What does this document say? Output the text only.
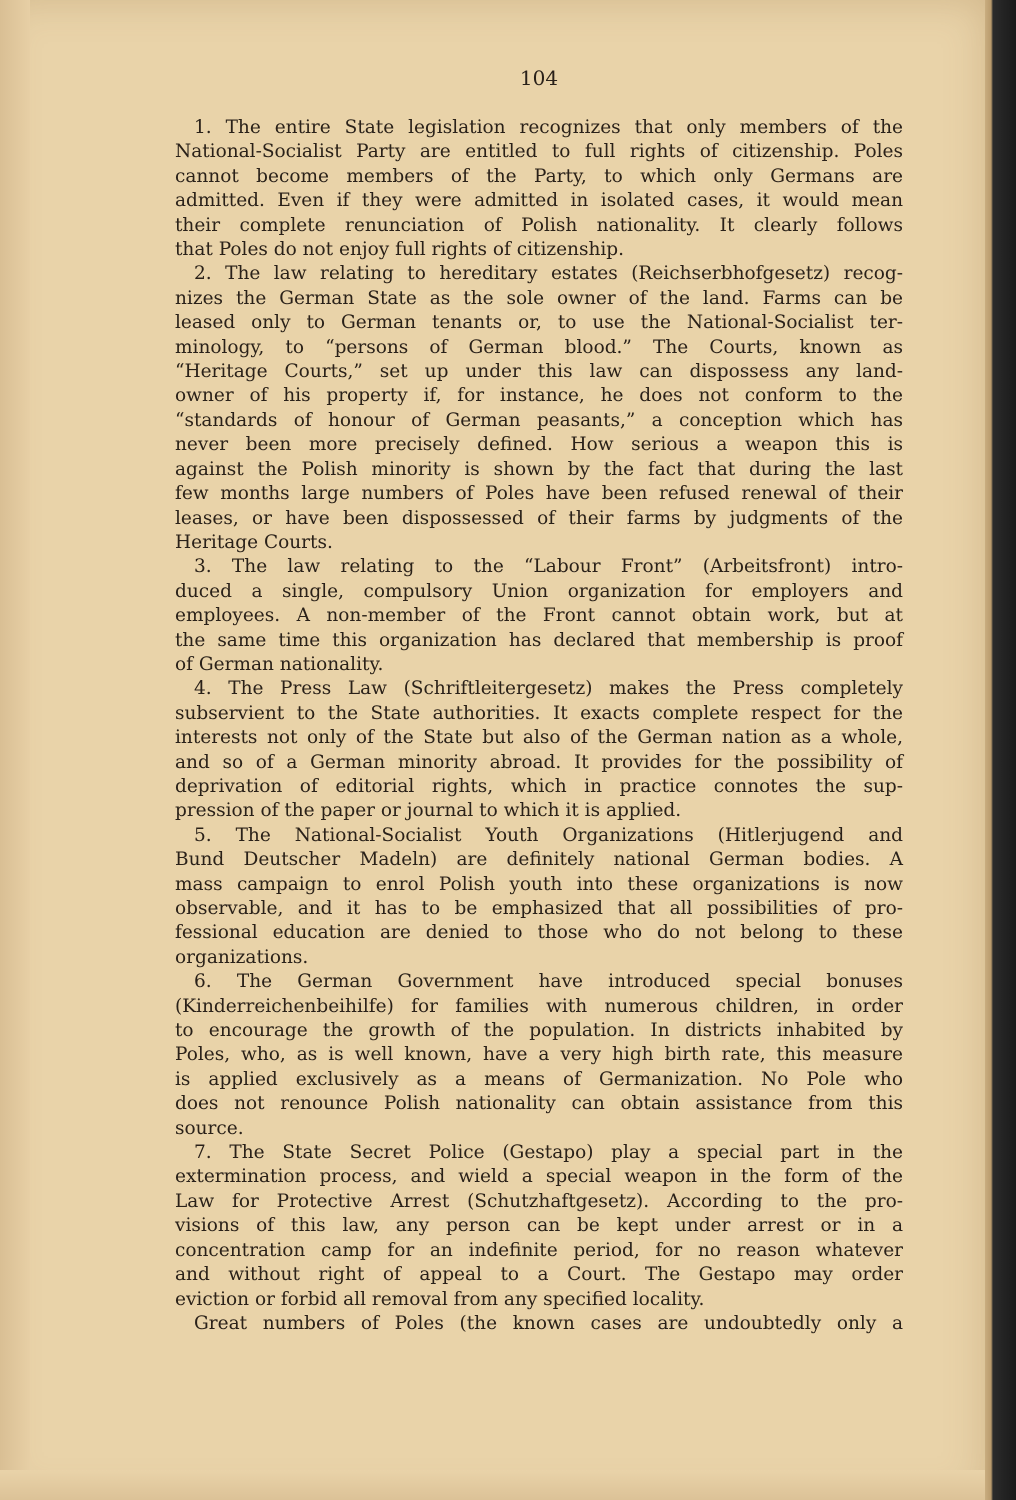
104

1. The entire State legislation recognizes that only members of the
National-Socialist Party are entitled to full rights of citizenship. Poles
cannot become members of the Party, to which only Germans are
admitted. Even if they were admitted in isolated cases, it would mean
their complete renunciation of Polish nationality. It clearly follows
that Poles do not enjoy full rights of citizenship.

2. The law relating to hereditary estates (Reichserbhofgesetz) recog-
nizes the German State as the sole owner of the land. Farms can be
leased only to German tenants or, to use the National-Socialist ter-
minology, to “persons of German blood.” The Courts, known as
“Heritage Courts,” set up under this law can dispossess any land-
owner of his property if, for instance, he does not conform to the
“standards of honour of German peasants,” a conception which has
never been more precisely defined. How serious a weapon this is
against the Polish minority is shown by the fact that during the last
few months large numbers of Poles have been refused renewal of their
leases, or have been dispossessed of their farms by judgments of the
Heritage Courts.

3. The law relating to the “Labour Front” (Arbeitsfront) intro-
duced a single, compulsory Union organization for employers and
employees. A non-member of the Front cannot obtain work, but at
the same time this organization has declared that membership is proof
of German nationality.

4. The Press Law (Schriftleitergesetz) makes the Press completely
subservient to the State authorities. It exacts complete respect for the
interests not only of the State but also of the German nation as a whole,
and so of a German minority abroad. It provides for the possibility of
deprivation of editorial rights, which in practice connotes the sup-
pression of the paper or journal to which it is applied.

5. The National-Socialist Youth Organizations (Hitlerjugend and
Bund Deutscher Madeln) are definitely national German bodies. A
mass campaign to enrol Polish youth into these organizations is now
observable, and it has to be emphasized that all possibilities of pro-
fessional education are denied to those who do not belong to these
organizations.

6. The German Government have introduced special bonuses
(Kinderreichenbeihilfe) for families with numerous children, in order
to encourage the growth of the population. In districts inhabited by
Poles, who, as is well known, have a very high birth rate, this measure
is applied exclusively as a means of Germanization. No Pole who
does not renounce Polish nationality can obtain assistance from this
source.

7. The State Secret Police (Gestapo) play a special part in the
extermination process, and wield a special weapon in the form of the
Law for Protective Arrest (Schutzhaftgesetz). According to the pro-
visions of this law, any person can be kept under arrest or in a
concentration camp for an indefinite period, for no reason whatever
and without right of appeal to a Court. The Gestapo may order
eviction or forbid all removal from any specified locality.

Great numbers of Poles (the known cases are undoubtedly only a
